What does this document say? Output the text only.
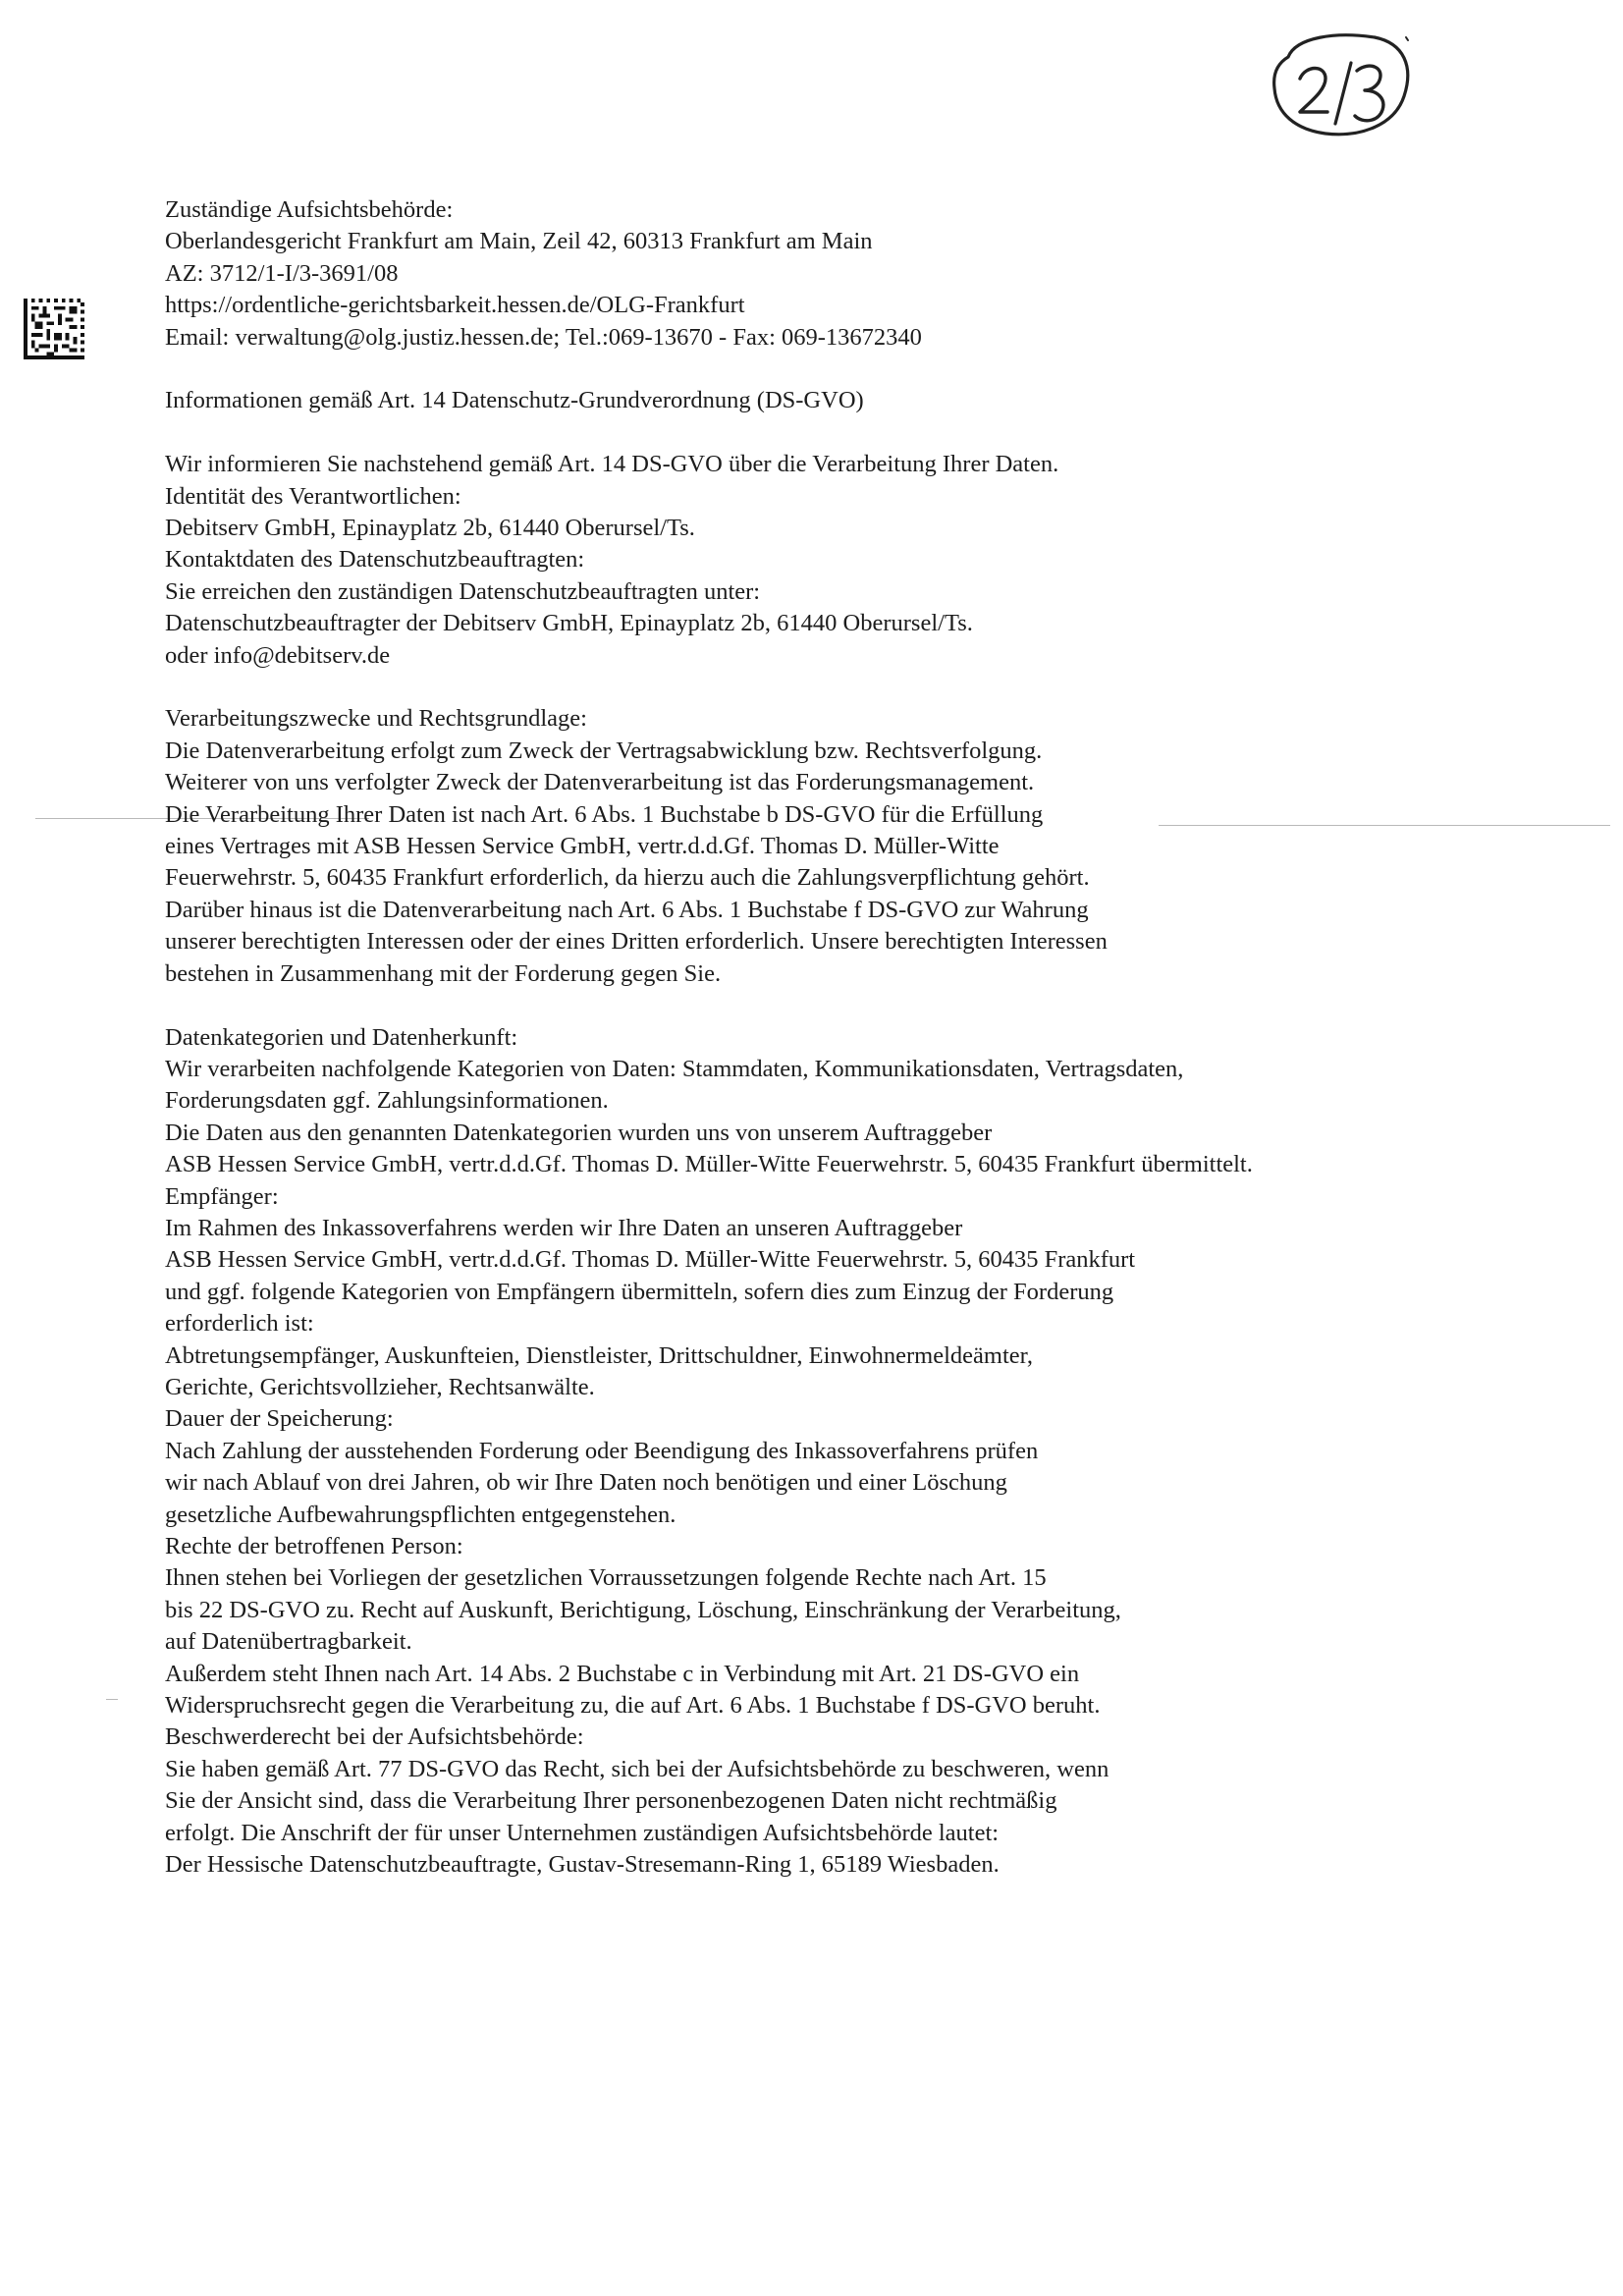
Zuständige Aufsichtsbehörde:
Oberlandesgericht Frankfurt am Main, Zeil 42, 60313 Frankfurt am Main
AZ: 3712/1-I/3-3691/08
https://ordentliche-gerichtsbarkeit.hessen.de/OLG-Frankfurt
Email: verwaltung@olg.justiz.hessen.de; Tel.:069-13670 - Fax: 069-13672340
Informationen gemäß Art. 14 Datenschutz-Grundverordnung (DS-GVO)
Wir informieren Sie nachstehend gemäß Art. 14 DS-GVO über die Verarbeitung Ihrer Daten.
Identität des Verantwortlichen:
Debitserv GmbH, Epinayplatz 2b, 61440 Oberursel/Ts.
Kontaktdaten des Datenschutzbeauftragten:
Sie erreichen den zuständigen Datenschutzbeauftragten unter:
Datenschutzbeauftragter der Debitserv GmbH, Epinayplatz 2b, 61440 Oberursel/Ts.
oder info@debitserv.de
Verarbeitungszwecke und Rechtsgrundlage:
Die Datenverarbeitung erfolgt zum Zweck der Vertragsabwicklung bzw. Rechtsverfolgung.
Weiterer von uns verfolgter Zweck der Datenverarbeitung ist das Forderungsmanagement.
Die Verarbeitung Ihrer Daten ist nach Art. 6 Abs. 1 Buchstabe b DS-GVO für die Erfüllung
eines Vertrages mit ASB Hessen Service GmbH, vertr.d.d.Gf. Thomas D. Müller-Witte
Feuerwehrstr. 5, 60435 Frankfurt erforderlich, da hierzu auch die Zahlungsverpflichtung gehört.
Darüber hinaus ist die Datenverarbeitung nach Art. 6 Abs. 1 Buchstabe f DS-GVO zur Wahrung
unserer berechtigten Interessen oder der eines Dritten erforderlich. Unsere berechtigten Interessen
bestehen in Zusammenhang mit der Forderung gegen Sie.
Datenkategorien und Datenherkunft:
Wir verarbeiten nachfolgende Kategorien von Daten: Stammdaten, Kommunikationsdaten, Vertragsdaten,
Forderungsdaten ggf. Zahlungsinformationen.
Die Daten aus den genannten Datenkategorien wurden uns von unserem Auftraggeber
ASB Hessen Service GmbH, vertr.d.d.Gf. Thomas D. Müller-Witte Feuerwehrstr. 5, 60435 Frankfurt übermittelt.
Empfänger:
Im Rahmen des Inkassoverfahrens werden wir Ihre Daten an unseren Auftraggeber
ASB Hessen Service GmbH, vertr.d.d.Gf. Thomas D. Müller-Witte Feuerwehrstr. 5, 60435 Frankfurt
und ggf. folgende Kategorien von Empfängern übermitteln, sofern dies zum Einzug der Forderung
erforderlich ist:
Abtretungsempfänger, Auskunfteien, Dienstleister, Drittschuldner, Einwohnermeldeämter,
Gerichte, Gerichtsvollzieher, Rechtsanwälte.
Dauer der Speicherung:
Nach Zahlung der ausstehenden Forderung oder Beendigung des Inkassoverfahrens prüfen
wir nach Ablauf von drei Jahren, ob wir Ihre Daten noch benötigen und einer Löschung
gesetzliche Aufbewahrungspflichten entgegenstehen.
Rechte der betroffenen Person:
Ihnen stehen bei Vorliegen der gesetzlichen Vorraussetzungen folgende Rechte nach Art. 15
bis 22 DS-GVO zu. Recht auf Auskunft, Berichtigung, Löschung, Einschränkung der Verarbeitung,
auf Datenübertragbarkeit.
Außerdem steht Ihnen nach Art. 14 Abs. 2 Buchstabe c in Verbindung mit Art. 21 DS-GVO ein
Widerspruchsrecht gegen die Verarbeitung zu, die auf Art. 6 Abs. 1 Buchstabe f DS-GVO beruht.
Beschwerderecht bei der Aufsichtsbehörde:
Sie haben gemäß Art. 77 DS-GVO das Recht, sich bei der Aufsichtsbehörde zu beschweren, wenn
Sie der Ansicht sind, dass die Verarbeitung Ihrer personenbezogenen Daten nicht rechtmäßig
erfolgt. Die Anschrift der für unser Unternehmen zuständigen Aufsichtsbehörde lautet:
Der Hessische Datenschutzbeauftragte, Gustav-Stresemann-Ring 1, 65189 Wiesbaden.
